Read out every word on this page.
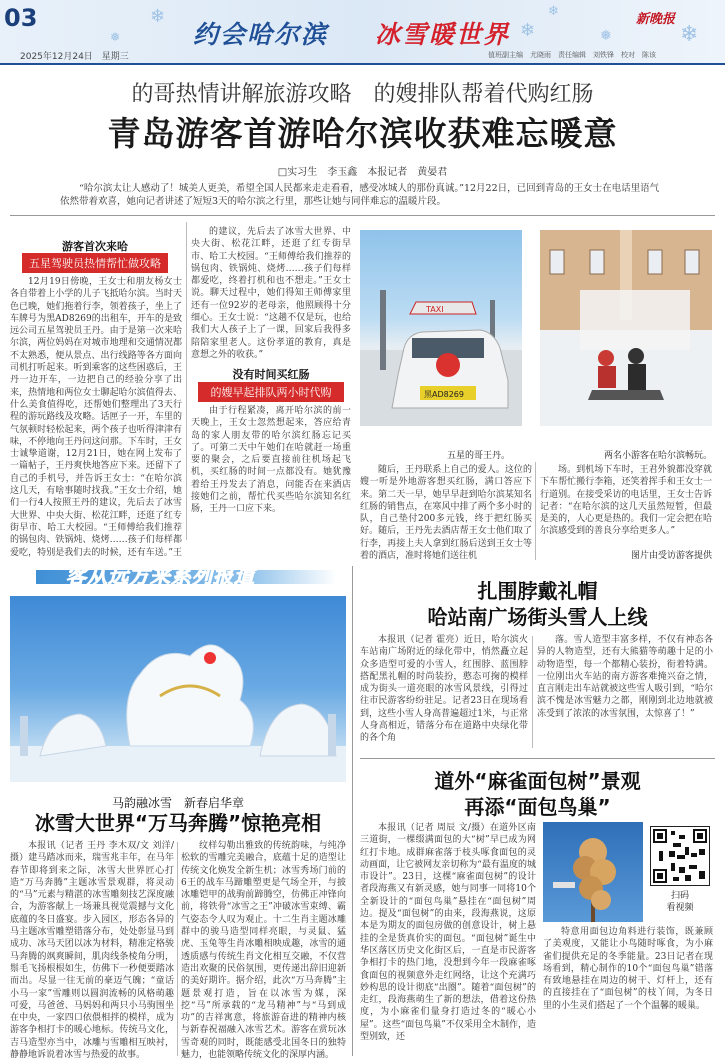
❄
❄
❄
❅	❄
❅
03
约会哈尔滨 冰雪暖世界
新晚报
2025年12月24日　星期三	值班副主编　尤晓雨　责任编辑　刘铁锋　校对　陈该
的哥热情讲解旅游攻略　的嫂排队帮着代购红肠
青岛游客首游哈尔滨收获难忘暖意
□实习生　李玉鑫　本报记者　黄晏君
“哈尔滨太让人感动了！城美人更美，希望全国人民都来走走看看，感受冰城人的那份真诚。”12月22日，已回到青岛的王女士在电话里语气依然带着欢喜，她向记者讲述了短短3天的哈尔滨之行里，那些让她与同伴难忘的温暖片段。
游客首次来哈
五星驾驶员热情帮忙做攻略

12月19日傍晚，王女士和朋友杨女士各自带着上小学的儿子飞抵哈尔滨。当时天色已晚，她们拖着行李，领着孩子，坐上了车牌号为黑AD8269的出租车，开车的是致远公司五星驾驶员王丹。由于是第一次来哈尔滨，两位妈妈在对城市地理和交通情况都不太熟悉，便从景点、出行线路等各方面向司机打听起来。听到乘客的这些困惑后，王丹一边开车，一边把自己的经验分享了出来，热情地和两位女士聊起哈尔滨值得去、什么美食值得吃，还帮她们整理出了3天行程的游玩路线及攻略。话匣子一开，车里的气氛顿时轻松起来，两个孩子也听得津津有味，不停地向王丹问这问那。下车时，王女士诚挚道谢，12月21日，她在网上发布了一篇帖子，王丹爽快地答应下来。还留下了自己的手机号，并告诉王女士：“在哈尔滨这几天，有啥事随时找我。”王女士介绍，她们一行4人按照王丹的建议，先后去了冰雪大世界、中央大街、松花江畔，还逛了红专街早市、哈工大校园。“王师傅给我们推荐的锅包肉、铁锅炖、烧烤……孩子们每样都爱吃，特别是我们去的时候，还有车送。”王

的建议，先后去了冰雪大世界、中央大街、松花江畔，还逛了红专街早市、哈工大校园。“王师傅给我们推荐的锅包肉、铁锅炖、烧烤……孩子们每样都爱吃，终着打机和也不想走。”王女士说。聊天过程中，她们得知王师傅家里还有一位92岁的老母亲，他照顾得十分细心。王女士说：“这趟不仅是玩，也给我们大人孩子上了一课，回家后我得多陪陪家里老人。这份孝道的教育，真是意想之外的收获。”

没有时间买红肠
的嫂早起排队两小时代购

由于行程紧凑，离开哈尔滨的前一天晚上，王女士忽然想起来，答应给青岛的家人朋友带的哈尔滨红肠忘记买了。可第二天中午她们在哈就赶一场重要的聚会，之后要直接前往机场起飞机，买红肠的时间一点都没有。她犹豫着给王丹发去了消息，问能否在来酒店接她们之前，帮忙代买些哈尔滨知名红肠，王丹一口应下来。

TAXI
黑AD8269
五星的哥王丹。	两名小游客在哈尔滨畅玩。

随后，王丹联系上自己的爱人。这位的嫂一听是外地游客想买红肠，满口答应下来。第二天一早，她早早赶到哈尔滨某知名红肠的销售点，在寒风中排了两个多小时的队，自己垫付200多元钱，终于把红肠买好。随后，王丹先去酒店帮王女士他们取了行李，再接上夫人拿到红肠后送到王女士等着的酒店，准时将她们送往机

场。到机场下车时，王君外貌都没穿就下车帮忙搬行李箱，还笑着挥手和王女士一行道别。在接受采访的电话里，王女士告诉记者：“在哈尔滨的这几天虽然短暂，但最是美的，人心更是热的。我们一定会把在哈尔滨感受到的善良分享给更多人。”

图片由受访游客提供
客从远方来系列报道
马韵融冰雪　新春启华章
冰雪大世界“万马奔腾”惊艳亮相

本报讯（记者 王丹 李木双/文 刘洋/摄）建马踏冰而来，瑞雪兆丰年，在马年春节即将到来之际，冰雪大世界匠心打造“万马奔腾”主题冰雪景观群，将灵动的“马”元素与精湛的冰雪雕刻技艺深度融合，为游客献上一场兼具视觉震撼与文化底蕴的冬日盛宴。步入园区，形态各异的马主题冰雪雕塑错落分布，处处彰显马到成功、冰马天团以冰为材料，精准定格骏马奔腾的飒爽瞬间，肌肉线条棱角分明，鬃毛飞扬根根如生，仿佛下一秒便要踏冰而出。尽显一往无前的豪迈气魄；“童话小马一家”雪雕则以圆润流畅的风格萌趣可爱，马爸爸、马妈妈和两只小马驹围坐在中央，一家四口依偎相拌的模样，成为游客争相打卡的暖心地标。传统马文化，吉马造型亦当中，冰雕与雪雕相互映衬，静静地诉说着冰雪与热爱的故事。

纹样勾勒出雅致的传统韵味，与纯净松软的雪雕完美融合，底蕴十足的造型让传统文化焕发全新生机；冰雪秀场门前的6王的战车马蹄雕塑更是气场全开，与披冰雕铠甲的战驹前蹄腾空，仿佛正冲锋向前，将铁骨“冰雪之王”冲破冰雪束缚、霸气姿态令人叹为观止。十二生肖主题冰雕群中的骏马造型同样亮眼，与灵鼠、猛虎、玉兔等生肖冰雕相映成趣，冰雪的通透质感与传统生肖文化相互交融，不仅营造出欢聚的民俗氛围，更传递出辞旧迎新的美好期许。据介绍，此次“万马奔腾”主题景观打造，旨在以冰雪为媒，深挖“马”所承载的“龙马精神”与“马到成功”的吉祥寓意，将旅游奋进的精神内核与新春祝福融入冰雪艺术。游客在赏玩冰雪奇观的同时，既能感受北国冬日的独特魅力，也能领略传统文化的深厚内涵。

扎围脖戴礼帽
哈站南广场街头雪人上线

本报讯（记者 霍亮）近日，哈尔滨火车站南广场附近的绿化带中，悄然矗立起众多造型可爱的小雪人，红围脖、蓝围脖搭配黑礼帽的时尚装扮，憨态可掬的模样成为街头一道亮眼的冰雪风景线，引得过往市民游客纷纷驻足。记者23日在现场看到，这些小雪人身高普遍超过1米，与正常人身高相近，错落分布在道路中央绿化带的各个角

落。雪人造型丰富多样，不仅有神态各异的人物造型，还有大熊猫等萌趣十足的小动物造型，每一个都精心装扮，衔着特满。一位刚出火车站的南方游客难掩兴奋之情，直言刚走出车站就被这些雪人吸引到，“哈尔滨不愧是冰雪魅力之都，刚刚到北边地就被冻受到了浓浓的冰雪氛围，太惊喜了！”

道外“麻雀面包树”景观
再添“面包鸟巢”

本报讯（记者 周辰 文/摄）在道外区南三道街，一棵缀满面包的大“树”早已成为网红打卡地。成群麻雀落于枝头啄食面包的灵动画面，让它被网友亲切称为“最有温度的城市设计”。23日，这棵“麻雀面包树”的设计者段海燕又有新灵感，她与同事一同将10个全新设计的“面包鸟巢”悬挂在“面包树”周边。提及“面包树”的由来，段海燕说，这原本是为期友的面包房做的创意设计，树上悬挂的全是货真价实的面包。“面包树”诞生中华区落区历史文化街区后，一直是市民游客争相打卡的热门地，没想到今年一段麻雀啄食面包的视频意外走红网络，让这个充满巧妙构思的设计彻底“出圈”。随着“面包树”的走红，段海燕萌生了新的想法，借着这份热度，为小麻雀们量身打造过冬的“暖心小屋”。这些“面包鸟巢”不仅采用全木制作，造型别致，还

扫码
看视频

特意用面包边角料进行装饰，既兼顾了美观度，又能让小鸟随时啄食，为小麻雀们提供充足的冬季能量。23日记者在现场看到，精心制作的10个“面包鸟巢”错落有致地悬挂在周边的树干、灯杆上，还有的直接挂在了“面包树”的枝丫间，为冬日里的小生灵们搭起了一个个温馨的暖巢。
